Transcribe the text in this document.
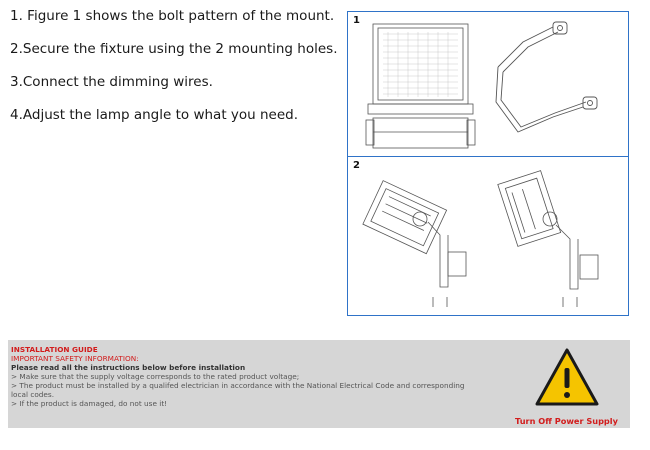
1. Figure 1 shows the bolt pattern of the mount.
2.Secure the fixture using the 2 mounting holes.
3.Connect the dimming wires.
4.Adjust the lamp angle to what you need.
1
2
INSTALLATION GUIDE
IMPORTANT SAFETY INFORMATION:
Please read all the instructions below before installation
> Make sure that the supply voltage corresponds to the rated product voltage;
> The product must be installed by a qualifed electrician in accordance with the National Electrical Code and corresponding local codes.
> If the product is damaged, do not use it!
Turn Off Power Supply
